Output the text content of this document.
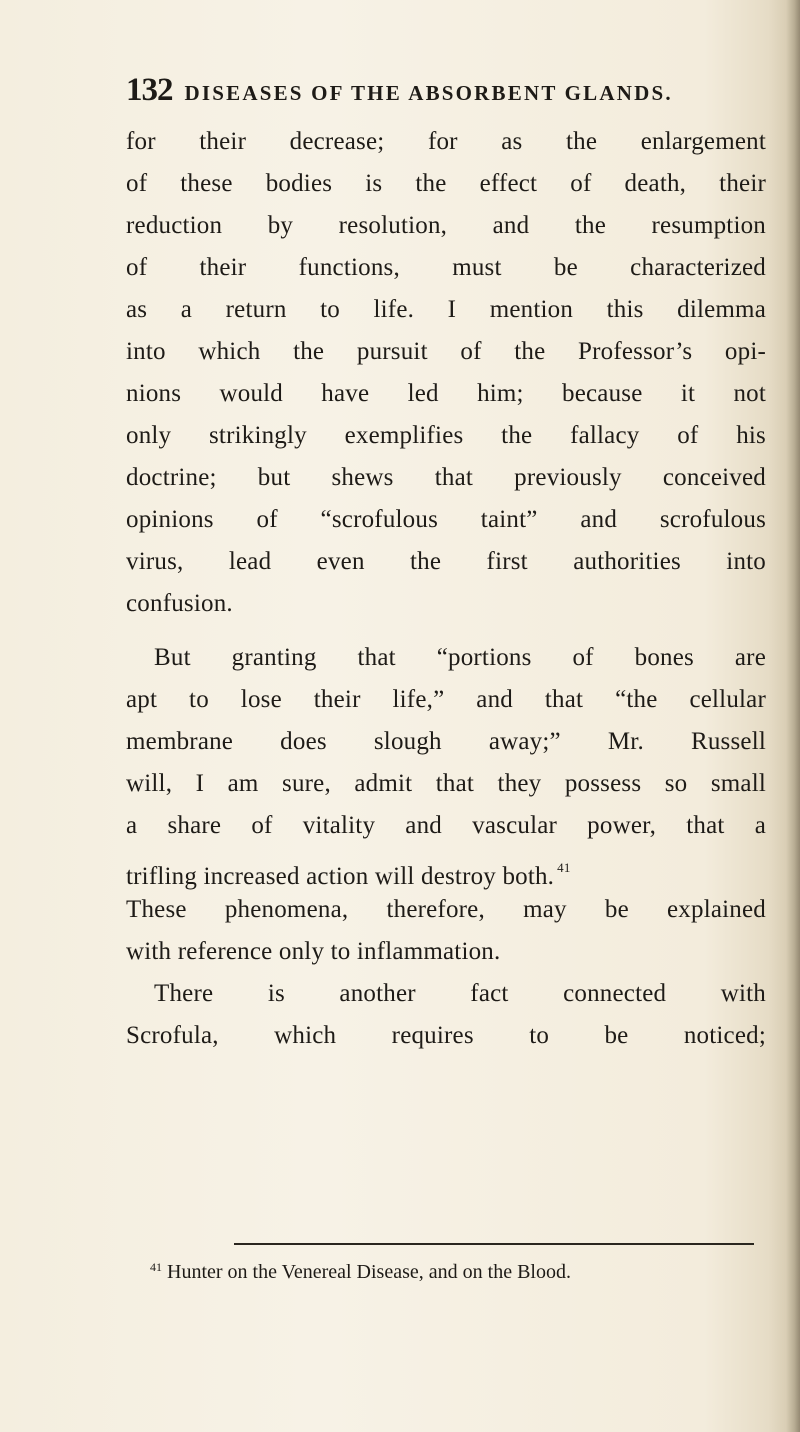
132 DISEASES OF THE ABSORBENT GLANDS.
for their decrease; for as the enlargement
of these bodies is the effect of death, their
reduction by resolution, and the resumption
of their functions, must be characterized
as a return to life. I mention this dilemma
into which the pursuit of the Professor’s opi-
nions would have led him; because it not
only strikingly exemplifies the fallacy of his
doctrine; but shews that previously conceived
opinions of “scrofulous taint” and scrofulous
virus, lead even the first authorities into
confusion.
But granting that “portions of bones are
apt to lose their life,” and that “the cellular
membrane does slough away;” Mr. Russell
will, I am sure, admit that they possess so small
a share of vitality and vascular power, that a
trifling increased action will destroy both. $^{41}$
These phenomena, therefore, may be explained
with reference only to inflammation.
There is another fact connected with
Scrofula, which requires to be noticed;
$^{41}$ Hunter on the Venereal Disease, and on the Blood.
